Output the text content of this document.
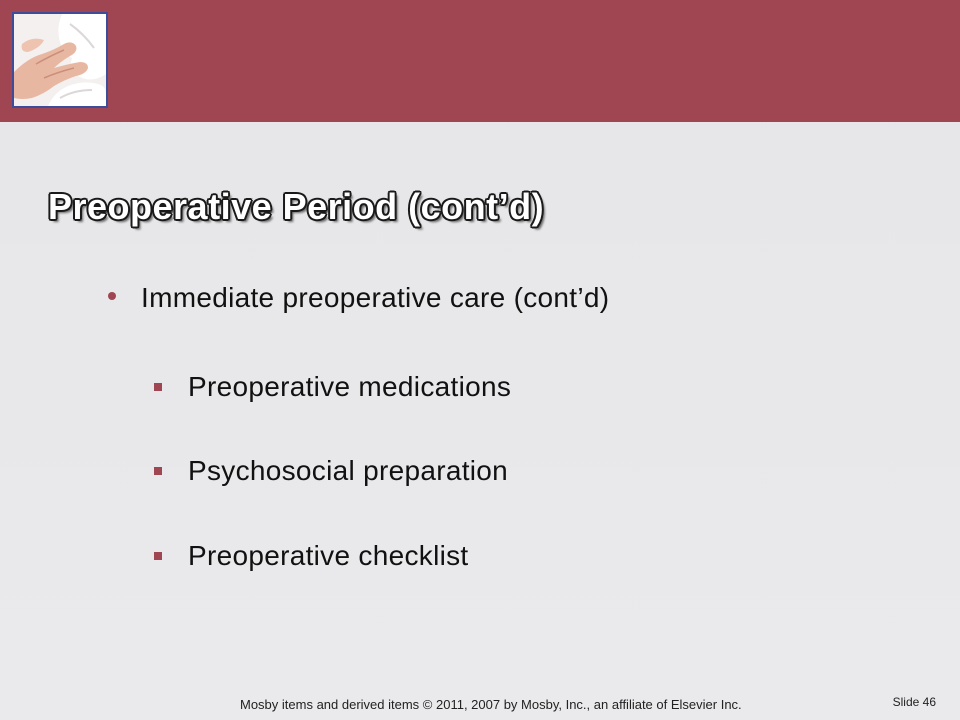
Preoperative Period (cont’d)
Immediate preoperative care (cont’d)
Preoperative medications
Psychosocial preparation
Preoperative checklist
Mosby items and derived items © 2011, 2007 by Mosby, Inc., an affiliate of Elsevier Inc.	Slide 46
